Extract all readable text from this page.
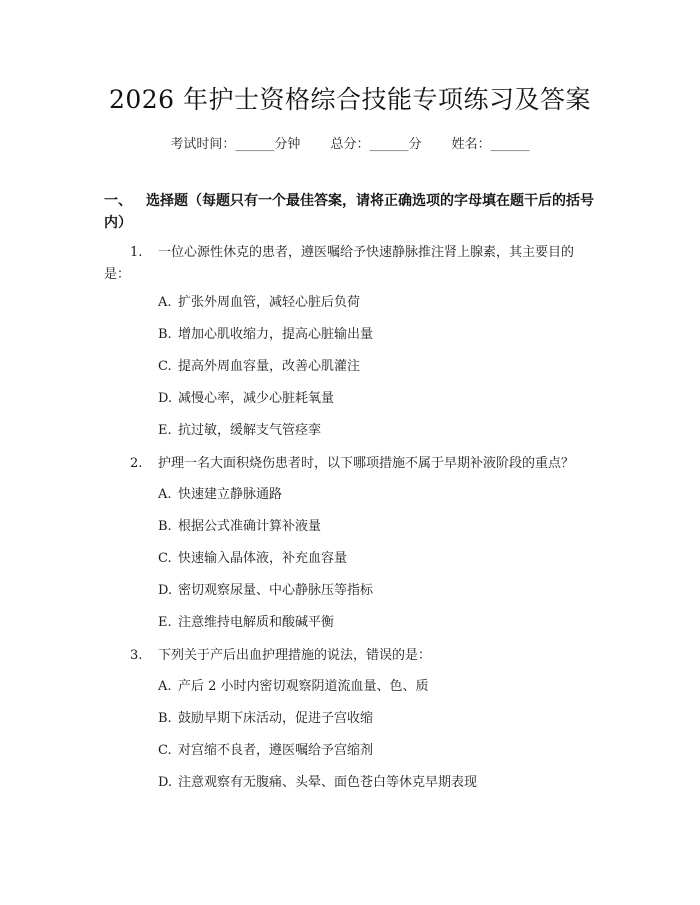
2026 年护士资格综合技能专项练习及答案
考试时间：______分钟 总分：______分 姓名：______
一、 选择题（每题只有一个最佳答案，请将正确选项的字母填在题干后的括号内）
1. 一位心源性休克的患者，遵医嘱给予快速静脉推注肾上腺素，其主要目的是：
A. 扩张外周血管，减轻心脏后负荷
B. 增加心肌收缩力，提高心脏输出量
C. 提高外周血容量，改善心肌灌注
D. 减慢心率，减少心脏耗氧量
E. 抗过敏，缓解支气管痉挛
2. 护理一名大面积烧伤患者时，以下哪项措施不属于早期补液阶段的重点？
A. 快速建立静脉通路
B. 根据公式准确计算补液量
C. 快速输入晶体液，补充血容量
D. 密切观察尿量、中心静脉压等指标
E. 注意维持电解质和酸碱平衡
3. 下列关于产后出血护理措施的说法，错误的是：
A. 产后 2 小时内密切观察阴道流血量、色、质
B. 鼓励早期下床活动，促进子宫收缩
C. 对宫缩不良者，遵医嘱给予宫缩剂
D. 注意观察有无腹痛、头晕、面色苍白等休克早期表现
